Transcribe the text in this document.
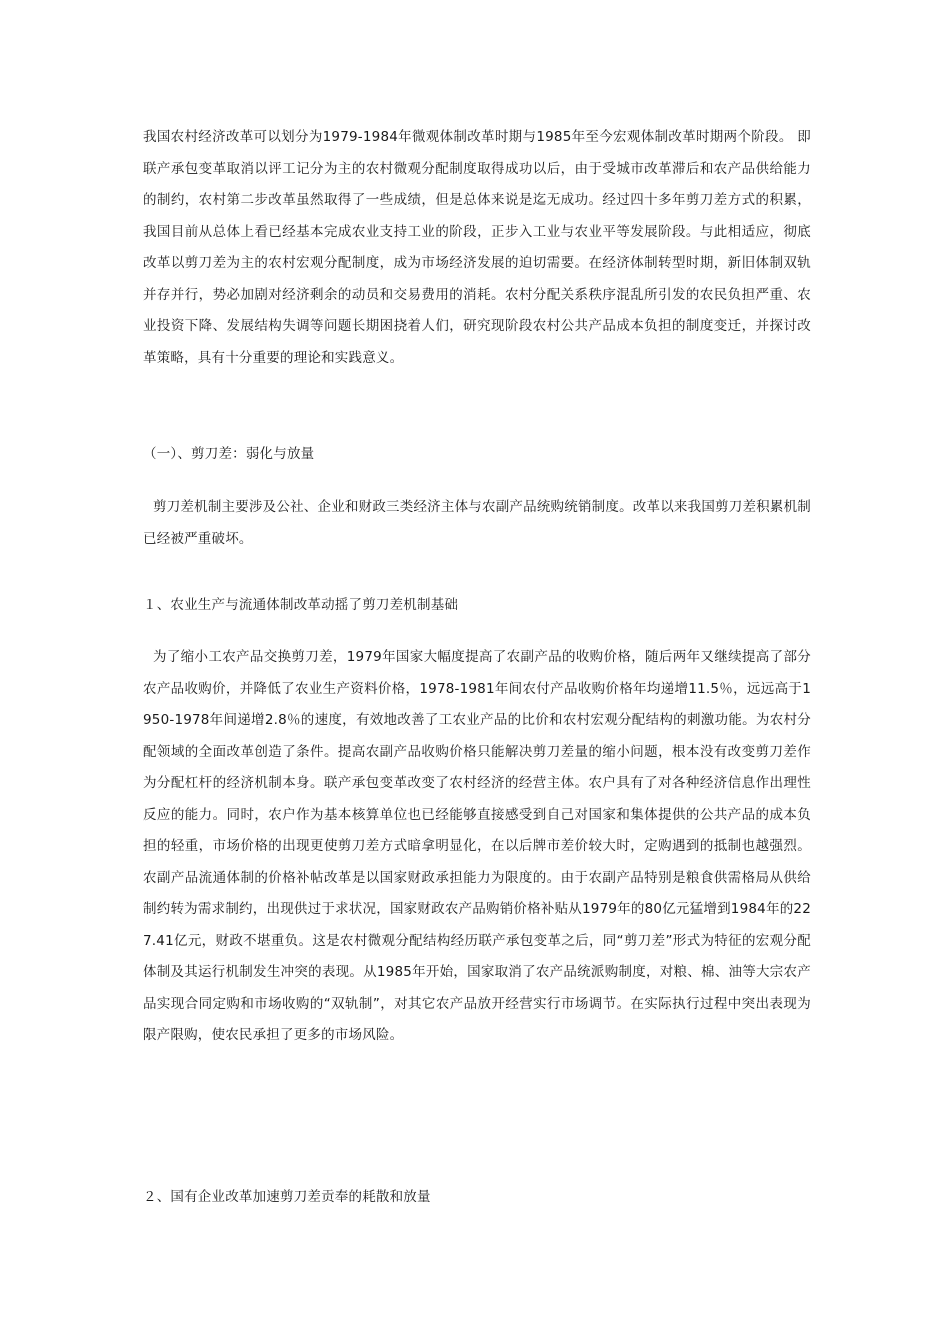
我国农村经济改革可以划分为1979-1984年微观体制改革时期与1985年至今宏观体制改革时期两个阶段。 即联产承包变革取消以评工记分为主的农村微观分配制度取得成功以后，由于受城市改革滞后和农产品供给能力的制约，农村第二步改革虽然取得了一些成绩，但是总体来说是迄无成功。经过四十多年剪刀差方式的积累，我国目前从总体上看已经基本完成农业支持工业的阶段，正步入工业与农业平等发展阶段。与此相适应，彻底改革以剪刀差为主的农村宏观分配制度，成为市场经济发展的迫切需要。在经济体制转型时期，新旧体制双轨并存并行，势必加剧对经济剩余的动员和交易费用的消耗。农村分配关系秩序混乱所引发的农民负担严重、农业投资下降、发展结构失调等问题长期困挠着人们，研究现阶段农村公共产品成本负担的制度变迁，并探讨改革策略，具有十分重要的理论和实践意义。
（一）、剪刀差：弱化与放量
剪刀差机制主要涉及公社、企业和财政三类经济主体与农副产品统购统销制度。改革以来我国剪刀差积累机制已经被严重破坏。
１、农业生产与流通体制改革动摇了剪刀差机制基础
为了缩小工农产品交换剪刀差，1979年国家大幅度提高了农副产品的收购价格，随后两年又继续提高了部分农产品收购价，并降低了农业生产资料价格，1978-1981年间农付产品收购价格年均递增11.5％，远远高于1950-1978年间递增2.8％的速度，有效地改善了工农业产品的比价和农村宏观分配结构的刺激功能。为农村分配领域的全面改革创造了条件。提高农副产品收购价格只能解决剪刀差量的缩小问题，根本没有改变剪刀差作为分配杠杆的经济机制本身。联产承包变革改变了农村经济的经营主体。农户具有了对各种经济信息作出理性反应的能力。同时，农户作为基本核算单位也已经能够直接感受到自己对国家和集体提供的公共产品的成本负担的轻重，市场价格的出现更使剪刀差方式暗拿明显化，在以后牌市差价较大时，定购遇到的抵制也越强烈。农副产品流通体制的价格补帖改革是以国家财政承担能力为限度的。由于农副产品特别是粮食供需格局从供给制约转为需求制约，出现供过于求状况，国家财政农产品购销价格补贴从1979年的80亿元猛增到1984年的227.41亿元，财政不堪重负。这是农村微观分配结构经历联产承包变革之后，同“剪刀差”形式为特征的宏观分配体制及其运行机制发生冲突的表现。从1985年开始，国家取消了农产品统派购制度，对粮、棉、油等大宗农产品实现合同定购和市场收购的“双轨制”，对其它农产品放开经营实行市场调节。在实际执行过程中突出表现为限产限购，使农民承担了更多的市场风险。
２、国有企业改革加速剪刀差贡奉的耗散和放量
